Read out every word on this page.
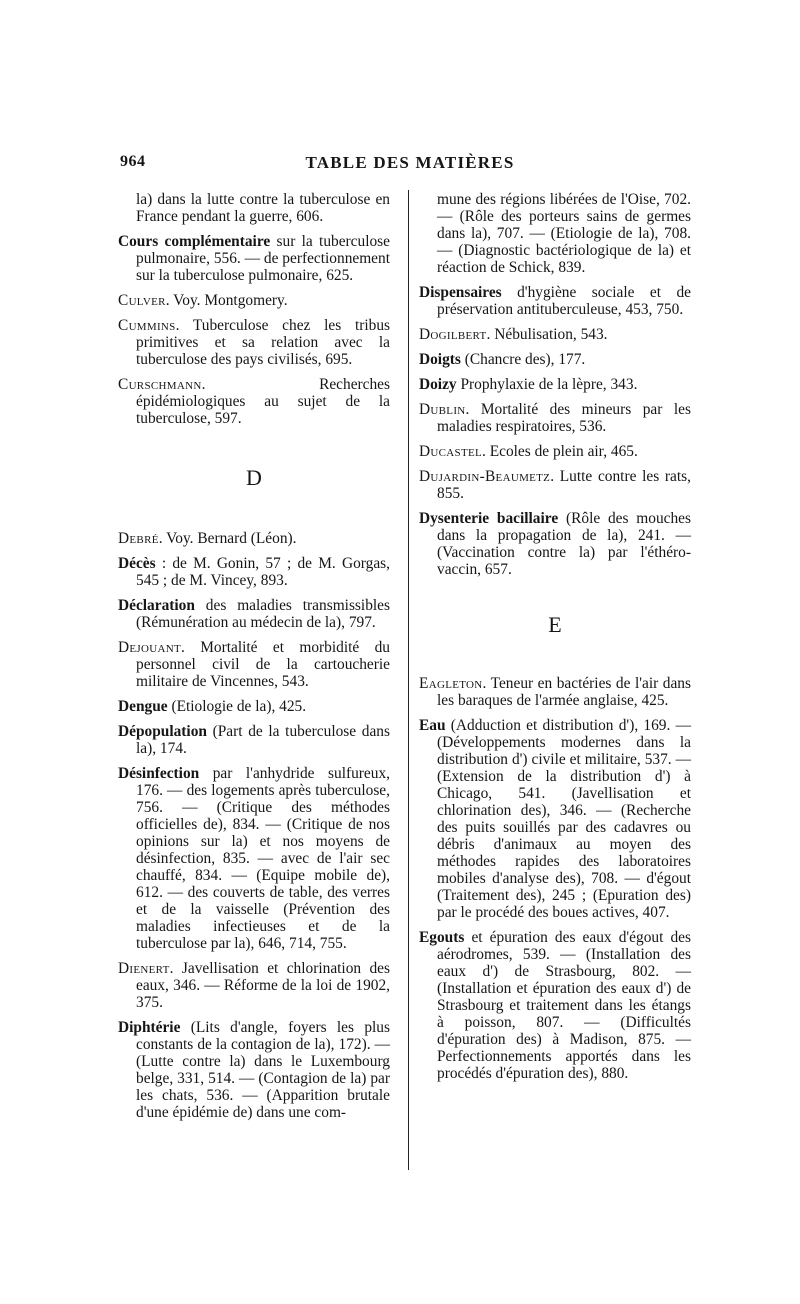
964	TABLE DES MATIÈRES

la) dans la lutte contre la tuberculose en France pendant la guerre, 606.

Cours complémentaire sur la tuberculose pulmonaire, 556. — de perfectionnement sur la tuberculose pulmonaire, 625.

Culver. Voy. Montgomery.

Cummins. Tuberculose chez les tribus primitives et sa relation avec la tuberculose des pays civilisés, 695.

Curschmann. Recherches épidémiologiques au sujet de la tuberculose, 597.

D

Debré. Voy. Bernard (Léon).

Décès : de M. Gonin, 57 ; de M. Gorgas, 545 ; de M. Vincey, 893.

Déclaration des maladies transmissibles (Rémunération au médecin de la), 797.

Dejouant. Mortalité et morbidité du personnel civil de la cartoucherie militaire de Vincennes, 543.

Dengue (Etiologie de la), 425.

Dépopulation (Part de la tuberculose dans la), 174.

Désinfection par l'anhydride sulfureux, 176. — des logements après tuberculose, 756. — (Critique des méthodes officielles de), 834. — (Critique de nos opinions sur la) et nos moyens de désinfection, 835. — avec de l'air sec chauffé, 834. — (Equipe mobile de), 612. — des couverts de table, des verres et de la vaisselle (Prévention des maladies infectieuses et de la tuberculose par la), 646, 714, 755.

Dienert. Javellisation et chlorination des eaux, 346. — Réforme de la loi de 1902, 375.

Diphtérie (Lits d'angle, foyers les plus constants de la contagion de la), 172). — (Lutte contre la) dans le Luxembourg belge, 331, 514. — (Contagion de la) par les chats, 536. — (Apparition brutale d'une épidémie de) dans une com-

mune des régions libérées de l'Oise, 702. — (Rôle des porteurs sains de germes dans la), 707. — (Etiologie de la), 708. — (Diagnostic bactériologique de la) et réaction de Schick, 839.

Dispensaires d'hygiène sociale et de préservation antituberculeuse, 453, 750.

Dogilbert. Nébulisation, 543.

Doigts (Chancre des), 177.

Doizy Prophylaxie de la lèpre, 343.

Dublin. Mortalité des mineurs par les maladies respiratoires, 536.

Ducastel. Ecoles de plein air, 465.

Dujardin-Beaumetz. Lutte contre les rats, 855.

Dysenterie bacillaire (Rôle des mouches dans la propagation de la), 241. — (Vaccination contre la) par l'éthéro-vaccin, 657.

E

Eagleton. Teneur en bactéries de l'air dans les baraques de l'armée anglaise, 425.

Eau (Adduction et distribution d'), 169. — (Développements modernes dans la distribution d') civile et militaire, 537. — (Extension de la distribution d') à Chicago, 541. (Javellisation et chlorination des), 346. — (Recherche des puits souillés par des cadavres ou débris d'animaux au moyen des méthodes rapides des laboratoires mobiles d'analyse des), 708. — d'égout (Traitement des), 245 ; (Epuration des) par le procédé des boues actives, 407.

Egouts et épuration des eaux d'égout des aérodromes, 539. — (Installation des eaux d') de Strasbourg, 802. — (Installation et épuration des eaux d') de Strasbourg et traitement dans les étangs à poisson, 807. — (Difficultés d'épuration des) à Madison, 875. — Perfectionnements apportés dans les procédés d'épuration des), 880.
